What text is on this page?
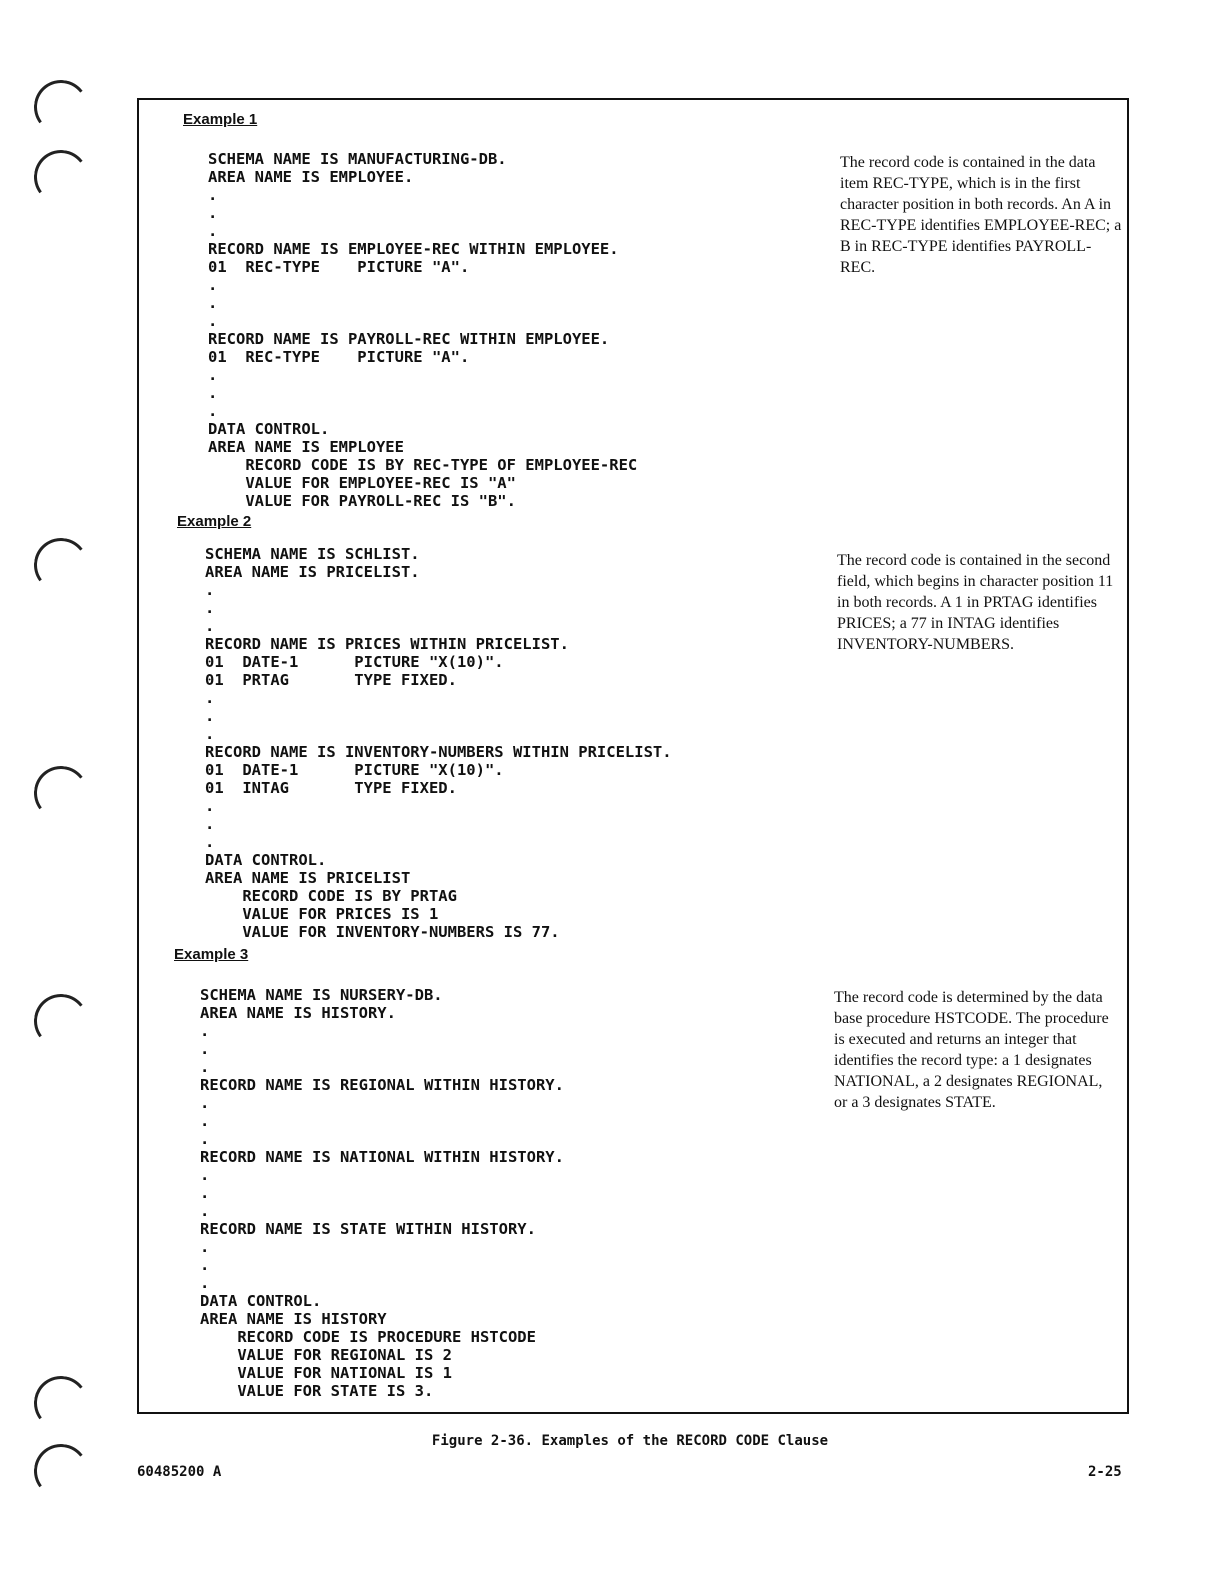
Example 1
SCHEMA NAME IS MANUFACTURING-DB.
AREA NAME IS EMPLOYEE.
.
.
.
RECORD NAME IS EMPLOYEE-REC WITHIN EMPLOYEE.
01  REC-TYPE    PICTURE "A".
.
.
.
RECORD NAME IS PAYROLL-REC WITHIN EMPLOYEE.
01  REC-TYPE    PICTURE "A".
.
.
.
DATA CONTROL.
AREA NAME IS EMPLOYEE
RECORD CODE IS BY REC-TYPE OF EMPLOYEE-REC
VALUE FOR EMPLOYEE-REC IS "A"
VALUE FOR PAYROLL-REC IS "B".

The record code is contained in the data item REC-TYPE, which is in the first character position in both records. An A in REC-TYPE identifies EMPLOYEE-REC; a B in REC-TYPE identifies PAYROLL-REC.

Example 2
SCHEMA NAME IS SCHLIST.
AREA NAME IS PRICELIST.
.
.
.
RECORD NAME IS PRICES WITHIN PRICELIST.
01  DATE-1      PICTURE "X(10)".
01  PRTAG       TYPE FIXED.
.
.
.
RECORD NAME IS INVENTORY-NUMBERS WITHIN PRICELIST.
01  DATE-1      PICTURE "X(10)".
01  INTAG       TYPE FIXED.
.
.
.
DATA CONTROL.
AREA NAME IS PRICELIST
RECORD CODE IS BY PRTAG
VALUE FOR PRICES IS 1
VALUE FOR INVENTORY-NUMBERS IS 77.

The record code is contained in the second field, which begins in character position 11 in both records. A 1 in PRTAG identifies PRICES; a 77 in INTAG identifies INVENTORY-NUMBERS.

Example 3
SCHEMA NAME IS NURSERY-DB.
AREA NAME IS HISTORY.
.
.
.
RECORD NAME IS REGIONAL WITHIN HISTORY.
.
.
.
RECORD NAME IS NATIONAL WITHIN HISTORY.
.
.
.
RECORD NAME IS STATE WITHIN HISTORY.
.
.
.
DATA CONTROL.
AREA NAME IS HISTORY
RECORD CODE IS PROCEDURE HSTCODE
VALUE FOR REGIONAL IS 2
VALUE FOR NATIONAL IS 1
VALUE FOR STATE IS 3.

The record code is determined by the data base procedure HSTCODE. The procedure is executed and returns an integer that identifies the record type: a 1 designates NATIONAL, a 2 designates REGIONAL, or a 3 designates STATE.

Figure 2-36. Examples of the RECORD CODE Clause
60485200 A	2-25
